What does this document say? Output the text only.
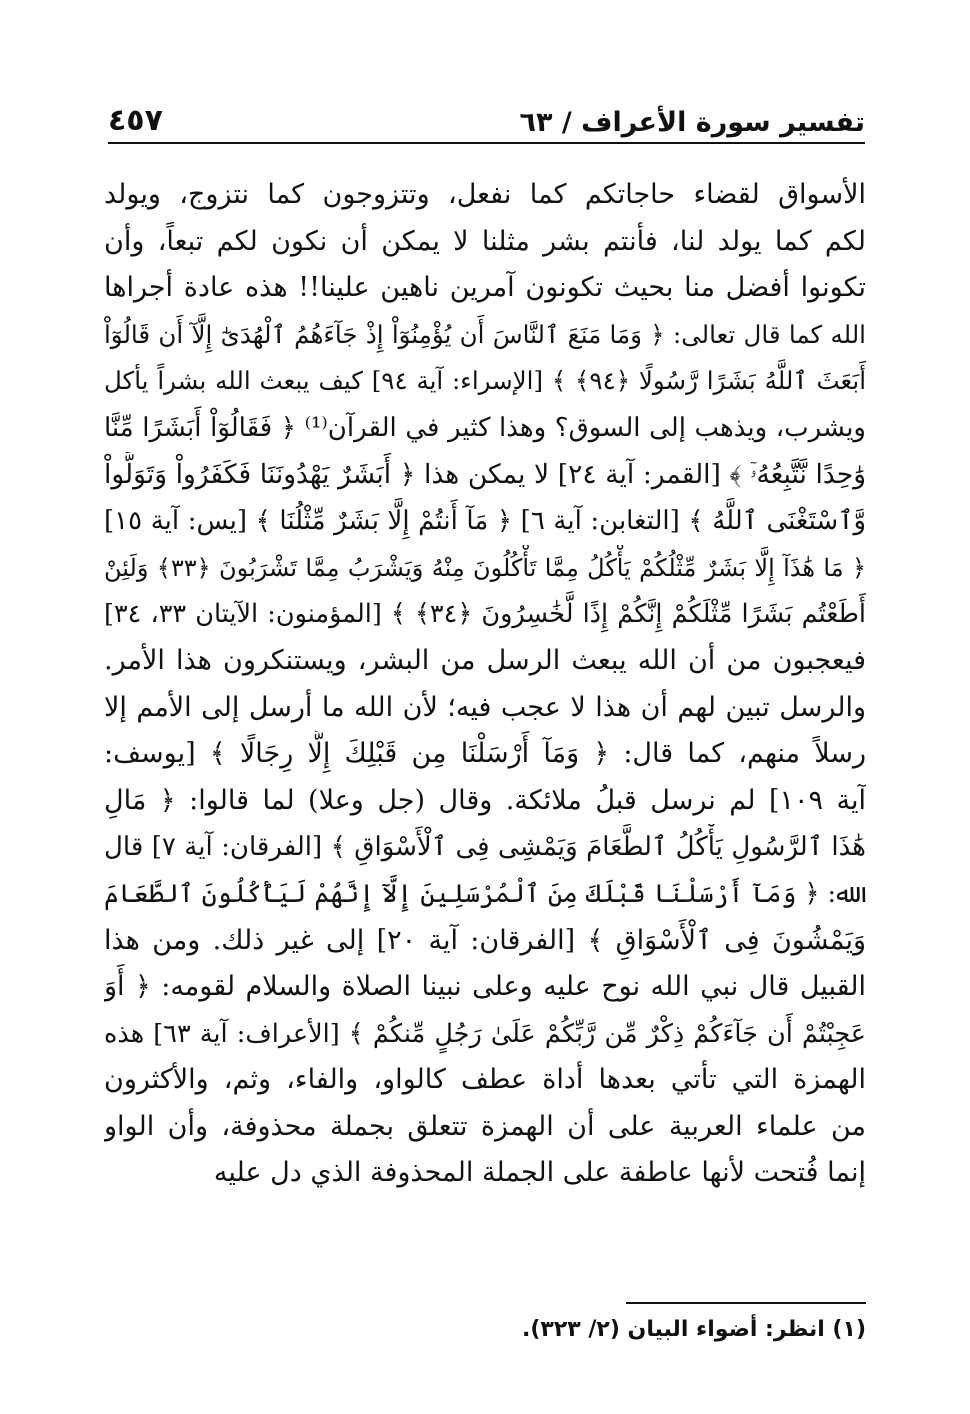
تفسير سورة الأعراف / ٦٣
٤٥٧
الأسواق لقضاء حاجاتكم كما نفعل، وتتزوجون كما نتزوج، ويولد
لكم كما يولد لنا، فأنتم بشر مثلنا لا يمكن أن نكون لكم تبعاً، وأن
تكونوا أفضل منا بحيث تكونون آمرين ناهين علينا!! هذه عادة أجراها
الله كما قال تعالى: ﴿ وَمَا مَنَعَ ٱلنَّاسَ أَن يُؤْمِنُوٓاْ إِذْ جَآءَهُمُ ٱلْهُدَىٰٓ إِلَّآ أَن قَالُوٓاْ
أَبَعَثَ ٱللَّهُ بَشَرًا رَّسُولًا ﴿٩٤﴾ ﴾ [الإسراء: آية ٩٤] كيف يبعث الله بشراً يأكل
ويشرب، ويذهب إلى السوق؟ وهذا كثير في القرآن⁽¹⁾ ﴿ فَقَالُوٓاْ أَبَشَرًا مِّنَّا
وَٰحِدًا نَّتَّبِعُهُۥٓ ﴾ [القمر: آية ٢٤] لا يمكن هذا ﴿ أَبَشَرٌ يَهْدُونَنَا فَكَفَرُواْ وَتَوَلَّواْ
وَّٱسْتَغْنَى ٱللَّهُ ﴾ [التغابن: آية ٦] ﴿ مَآ أَنتُمْ إِلَّا بَشَرٌ مِّثْلُنَا ﴾ [يس: آية ١٥]
﴿ مَا هَٰذَآ إِلَّا بَشَرٌ مِّثْلُكُمْ يَأْكُلُ مِمَّا تَأْكُلُونَ مِنْهُ وَيَشْرَبُ مِمَّا تَشْرَبُونَ ﴿٣٣﴾ وَلَئِنْ
أَطَعْتُم بَشَرًا مِّثْلَكُمْ إِنَّكُمْ إِذًا لَّخَٰسِرُونَ ﴿٣٤﴾ ﴾ [المؤمنون: الآيتان ٣٣، ٣٤]
فيعجبون من أن الله يبعث الرسل من البشر، ويستنكرون هذا الأمر.
والرسل تبين لهم أن هذا لا عجب فيه؛ لأن الله ما أرسل إلى الأمم إلا
رسلاً منهم، كما قال: ﴿ وَمَآ أَرْسَلْنَا مِن قَبْلِكَ إِلَّا رِجَالًا ﴾ [يوسف:
آية ١٠٩] لم نرسل قبلُ ملائكة. وقال (جل وعلا) لما قالوا: ﴿ مَالِ
هَٰذَا ٱلرَّسُولِ يَأْكُلُ ٱلطَّعَامَ وَيَمْشِى فِى ٱلْأَسْوَاقِ ﴾ [الفرقان: آية ٧] قال
الله: ﴿ وَمَآ أَرْسَلْنَا قَبْلَكَ مِنَ ٱلْمُرْسَلِينَ إِلَّآ إِنَّهُمْ لَيَأْكُلُونَ ٱلطَّعَامَ
وَيَمْشُونَ فِى ٱلْأَسْوَاقِ ﴾ [الفرقان: آية ٢٠] إلى غير ذلك. ومن هذا
القبيل قال نبي الله نوح عليه وعلى نبينا الصلاة والسلام لقومه: ﴿ أَوَ
عَجِبْتُمْ أَن جَآءَكُمْ ذِكْرٌ مِّن رَّبِّكُمْ عَلَىٰ رَجُلٍ مِّنكُمْ ﴾ [الأعراف: آية ٦٣] هذه
الهمزة التي تأتي بعدها أداة عطف كالواو، والفاء، وثم، والأكثرون
من علماء العربية على أن الهمزة تتعلق بجملة محذوفة، وأن الواو
إنما فُتحت لأنها عاطفة على الجملة المحذوفة الذي دل عليه
(١) انظر: أضواء البيان (٢/ ٣٢٣).
